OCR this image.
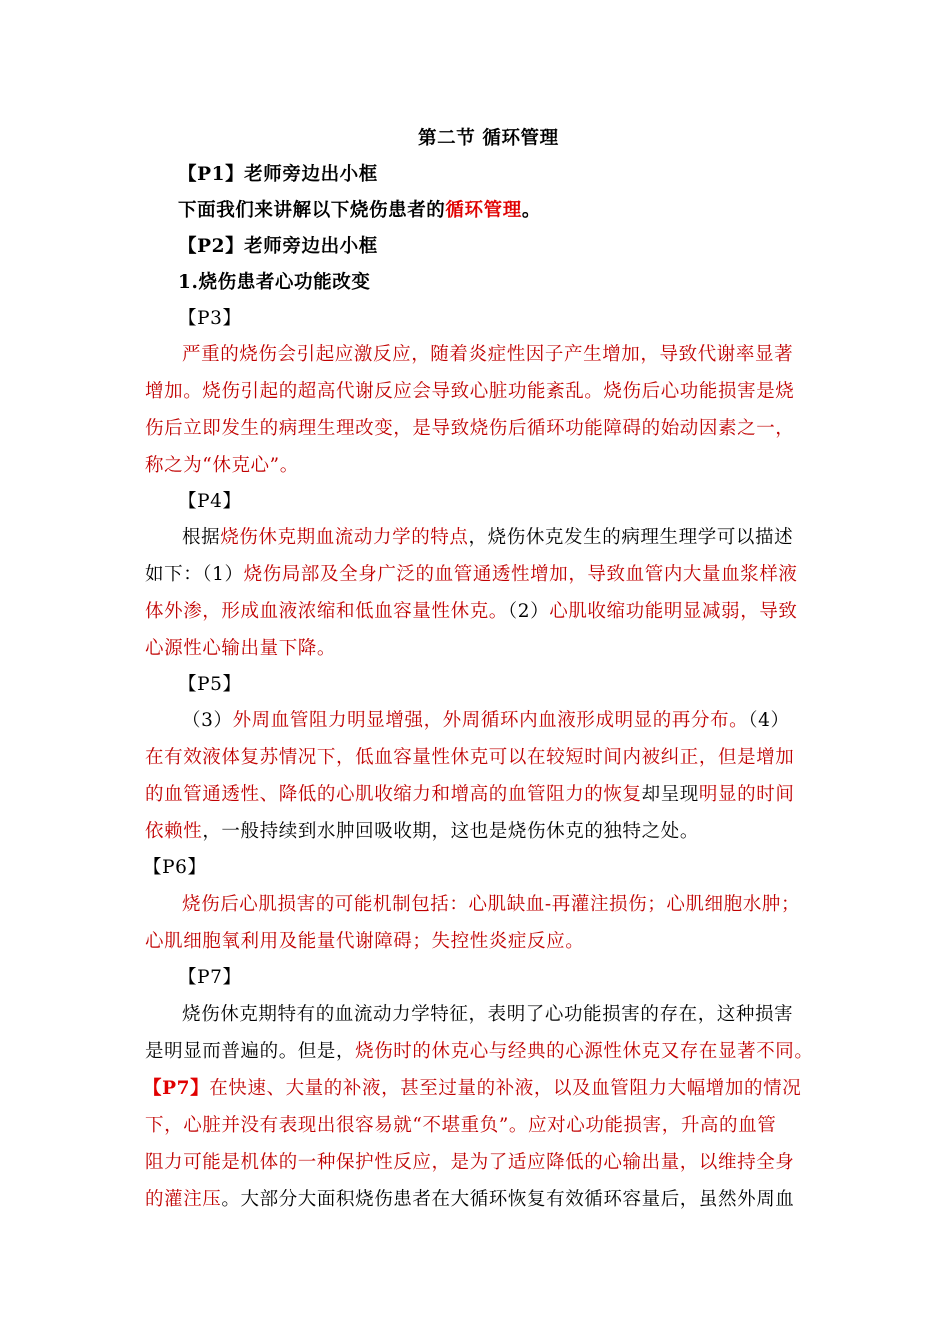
第二节 循环管理
【P1】老师旁边出小框
下面我们来讲解以下烧伤患者的循环管理。
【P2】老师旁边出小框
1.烧伤患者心功能改变
【P3】
严重的烧伤会引起应激反应，随着炎症性因子产生增加，导致代谢率显著
增加。烧伤引起的超高代谢反应会导致心脏功能紊乱。烧伤后心功能损害是烧
伤后立即发生的病理生理改变，是导致烧伤后循环功能障碍的始动因素之一，
称之为“休克心”。
【P4】
根据烧伤休克期血流动力学的特点，烧伤休克发生的病理生理学可以描述
如下：（1）烧伤局部及全身广泛的血管通透性增加，导致血管内大量血浆样液
体外渗，形成血液浓缩和低血容量性休克。（2）心肌收缩功能明显减弱，导致
心源性心输出量下降。
【P5】
（3）外周血管阻力明显增强，外周循环内血液形成明显的再分布。（4）
在有效液体复苏情况下，低血容量性休克可以在较短时间内被纠正，但是增加
的血管通透性、降低的心肌收缩力和增高的血管阻力的恢复却呈现明显的时间
依赖性，一般持续到水肿回吸收期，这也是烧伤休克的独特之处。
【P6】
烧伤后心肌损害的可能机制包括：心肌缺血-再灌注损伤；心肌细胞水肿；
心肌细胞氧利用及能量代谢障碍；失控性炎症反应。
【P7】
烧伤休克期特有的血流动力学特征，表明了心功能损害的存在，这种损害
是明显而普遍的。但是，烧伤时的休克心与经典的心源性休克又存在显著不同。
【P7】在快速、大量的补液，甚至过量的补液，以及血管阻力大幅增加的情况
下，心脏并没有表现出很容易就“不堪重负”。应对心功能损害，升高的血管
阻力可能是机体的一种保护性反应，是为了适应降低的心输出量，以维持全身
的灌注压。大部分大面积烧伤患者在大循环恢复有效循环容量后，虽然外周血
